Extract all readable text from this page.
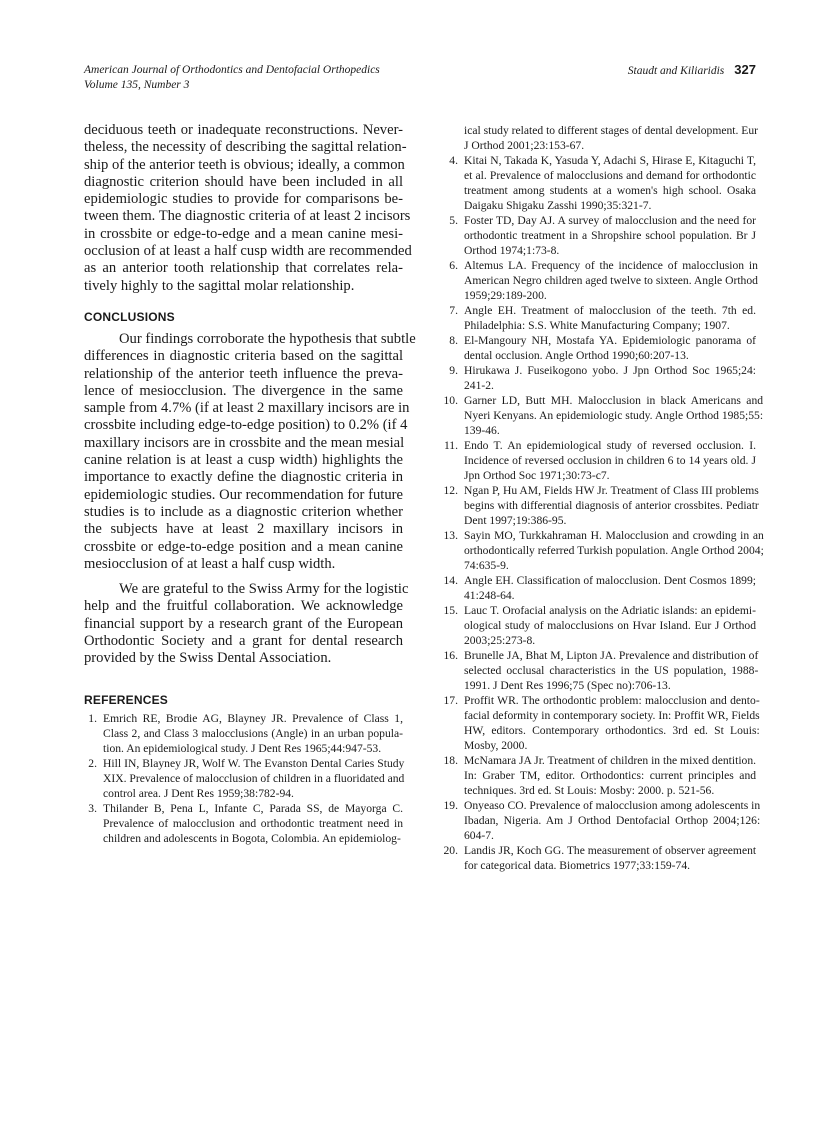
American Journal of Orthodontics and Dentofacial Orthopedics
Volume 135, Number 3
Staudt and Kiliaridis 327
deciduous teeth or inadequate reconstructions. Never-
theless, the necessity of describing the sagittal relation-
ship of the anterior teeth is obvious; ideally, a common
diagnostic criterion should have been included in all
epidemiologic studies to provide for comparisons be-
tween them. The diagnostic criteria of at least 2 incisors
in crossbite or edge-to-edge and a mean canine mesi-
occlusion of at least a half cusp width are recommended
as an anterior tooth relationship that correlates rela-
tively highly to the sagittal molar relationship.
CONCLUSIONS
Our findings corroborate the hypothesis that subtle
differences in diagnostic criteria based on the sagittal
relationship of the anterior teeth influence the preva-
lence of mesiocclusion. The divergence in the same
sample from 4.7% (if at least 2 maxillary incisors are in
crossbite including edge-to-edge position) to 0.2% (if 4
maxillary incisors are in crossbite and the mean mesial
canine relation is at least a cusp width) highlights the
importance to exactly define the diagnostic criteria in
epidemiologic studies. Our recommendation for future
studies is to include as a diagnostic criterion whether
the subjects have at least 2 maxillary incisors in
crossbite or edge-to-edge position and a mean canine
mesiocclusion of at least a half cusp width.
We are grateful to the Swiss Army for the logistic
help and the fruitful collaboration. We acknowledge
financial support by a research grant of the European
Orthodontic Society and a grant for dental research
provided by the Swiss Dental Association.
REFERENCES
1. Emrich RE, Brodie AG, Blayney JR. Prevalence of Class 1,
Class 2, and Class 3 malocclusions (Angle) in an urban popula-
tion. An epidemiological study. J Dent Res 1965;44:947-53.
2. Hill IN, Blayney JR, Wolf W. The Evanston Dental Caries Study
XIX. Prevalence of malocclusion of children in a fluoridated and
control area. J Dent Res 1959;38:782-94.
3. Thilander B, Pena L, Infante C, Parada SS, de Mayorga C.
Prevalence of malocclusion and orthodontic treatment need in
children and adolescents in Bogota, Colombia. An epidemiolog-
ical study related to different stages of dental development. Eur
J Orthod 2001;23:153-67.
4. Kitai N, Takada K, Yasuda Y, Adachi S, Hirase E, Kitaguchi T,
et al. Prevalence of malocclusions and demand for orthodontic
treatment among students at a women's high school. Osaka
Daigaku Shigaku Zasshi 1990;35:321-7.
5. Foster TD, Day AJ. A survey of malocclusion and the need for
orthodontic treatment in a Shropshire school population. Br J
Orthod 1974;1:73-8.
6. Altemus LA. Frequency of the incidence of malocclusion in
American Negro children aged twelve to sixteen. Angle Orthod
1959;29:189-200.
7. Angle EH. Treatment of malocclusion of the teeth. 7th ed.
Philadelphia: S.S. White Manufacturing Company; 1907.
8. El-Mangoury NH, Mostafa YA. Epidemiologic panorama of
dental occlusion. Angle Orthod 1990;60:207-13.
9. Hirukawa J. Fuseikogono yobo. J Jpn Orthod Soc 1965;24:
241-2.
10. Garner LD, Butt MH. Malocclusion in black Americans and
Nyeri Kenyans. An epidemiologic study. Angle Orthod 1985;55:
139-46.
11. Endo T. An epidemiological study of reversed occlusion. I.
Incidence of reversed occlusion in children 6 to 14 years old. J
Jpn Orthod Soc 1971;30:73-c7.
12. Ngan P, Hu AM, Fields HW Jr. Treatment of Class III problems
begins with differential diagnosis of anterior crossbites. Pediatr
Dent 1997;19:386-95.
13. Sayin MO, Turkkahraman H. Malocclusion and crowding in an
orthodontically referred Turkish population. Angle Orthod 2004;
74:635-9.
14. Angle EH. Classification of malocclusion. Dent Cosmos 1899;
41:248-64.
15. Lauc T. Orofacial analysis on the Adriatic islands: an epidemi-
ological study of malocclusions on Hvar Island. Eur J Orthod
2003;25:273-8.
16. Brunelle JA, Bhat M, Lipton JA. Prevalence and distribution of
selected occlusal characteristics in the US population, 1988-
1991. J Dent Res 1996;75 (Spec no):706-13.
17. Proffit WR. The orthodontic problem: malocclusion and dento-
facial deformity in contemporary society. In: Proffit WR, Fields
HW, editors. Contemporary orthodontics. 3rd ed. St Louis:
Mosby, 2000.
18. McNamara JA Jr. Treatment of children in the mixed dentition.
In: Graber TM, editor. Orthodontics: current principles and
techniques. 3rd ed. St Louis: Mosby: 2000. p. 521-56.
19. Onyeaso CO. Prevalence of malocclusion among adolescents in
Ibadan, Nigeria. Am J Orthod Dentofacial Orthop 2004;126:
604-7.
20. Landis JR, Koch GG. The measurement of observer agreement
for categorical data. Biometrics 1977;33:159-74.
